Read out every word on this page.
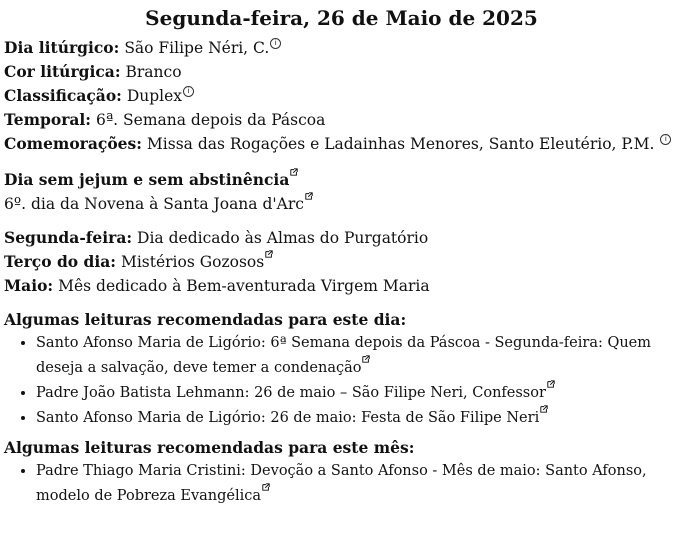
Segunda-feira, 26 de Maio de 2025

Dia litúrgico: São Filipe Néri, C. i

Cor litúrgica: Branco

Classificação: Duplex i

Temporal: 6ª. Semana depois da Páscoa

Comemorações: Missa das Rogações e Ladainhas Menores, Santo Eleutério, P.M. i

Dia sem jejum e sem abstinência

6º. dia da Novena à Santa Joana d'Arc

Segunda-feira: Dia dedicado às Almas do Purgatório

Terço do dia: Mistérios Gozosos

Maio: Mês dedicado à Bem-aventurada Virgem Maria

Algumas leituras recomendadas para este dia:

• Santo Afonso Maria de Ligório: 6ª Semana depois da Páscoa - Segunda-feira: Quem deseja a salvação, deve temer a condenação
• Padre João Batista Lehmann: 26 de maio – São Filipe Neri, Confessor
• Santo Afonso Maria de Ligório: 26 de maio: Festa de São Filipe Neri

Algumas leituras recomendadas para este mês:

• Padre Thiago Maria Cristini: Devoção a Santo Afonso - Mês de maio: Santo Afonso, modelo de Pobreza Evangélica
